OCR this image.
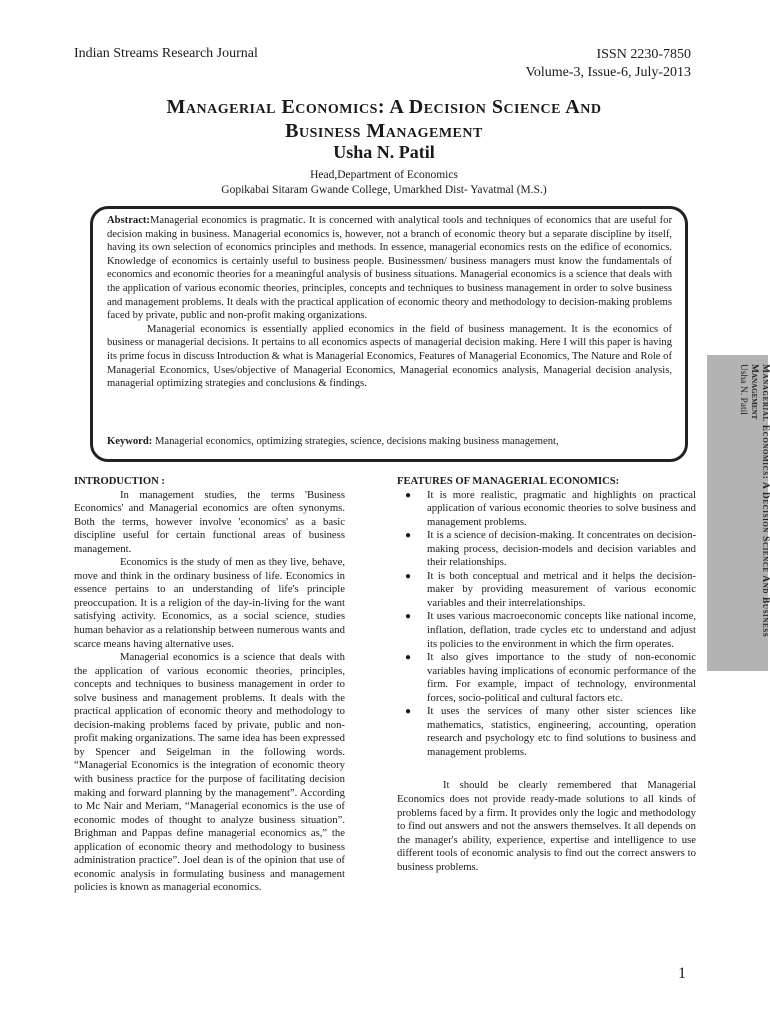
Indian Streams Research Journal	ISSN 2230-7850
Volume-3, Issue-6, July-2013
Managerial Economics: A Decision Science And
Business Management
Usha N. Patil
Head,Department of Economics
Gopikabai Sitaram Gwande College, Umarkhed Dist- Yavatmal (M.S.)

Abstract:Managerial economics is pragmatic. It is concerned with analytical tools and techniques of economics that are useful for decision making in business. Managerial economics is, however, not a branch of economic theory but a separate discipline by itself, having its own selection of economics principles and methods. In essence, managerial economics rests on the edifice of economics. Knowledge of economics is certainly useful to business people. Businessmen/ business managers must know the fundamentals of economics and economic theories for a meaningful analysis of business situations. Managerial economics is a science that deals with the application of various economic theories, principles, concepts and techniques to business management in order to solve business and management problems. It deals with the practical application of economic theory and methodology to decision-making problems faced by private, public and non-profit making organizations.

Managerial economics is essentially applied economics in the field of business management. It is the economics of business or managerial decisions. It pertains to all economics aspects of managerial decision making. Here I will this paper is having its prime focus in discuss Introduction & what is Managerial Economics, Features of Managerial Economics, The Nature and Role of Managerial Economics, Uses/objective of Managerial Economics, Managerial economics analysis, Managerial decision analysis, managerial optimizing strategies and conclusions & findings.

Keyword: Managerial economics, optimizing strategies, science, decisions making business management,	Managerial Economics: A Decision Science And Business
Management
Usha N. Patil

INTRODUCTION :

In management studies, the terms 'Business Economics' and Managerial economics are often synonyms. Both the terms, however involve 'economics' as a basic discipline useful for certain functional areas of business management.

Economics is the study of men as they live, behave, move and think in the ordinary business of life. Economics in essence pertains to an understanding of life's principle preoccupation. It is a religion of the day-in-living for the want satisfying activity. Economics, as a social science, studies human behavior as a relationship between numerous wants and scarce means having alternative uses.

Managerial economics is a science that deals with the application of various economic theories, principles, concepts and techniques to business management in order to solve business and management problems. It deals with the practical application of economic theory and methodology to decision-making problems faced by private, public and non-profit making organizations. The same idea has been expressed by Spencer and Seigelman in the following words. “Managerial Economics is the integration of economic theory with business practice for the purpose of facilitating decision making and forward planning by the management”. According to Mc Nair and Meriam, “Managerial economics is the use of economic modes of thought to analyze business situation”. Brighman and Pappas define managerial economics as,” the application of economic theory and methodology to business administration practice”. Joel dean is of the opinion that use of economic analysis in formulating business and management policies is known as managerial economics.

FEATURES OF MANAGERIAL ECONOMICS:

● It is more realistic, pragmatic and highlights on practical application of various economic theories to solve business and management problems.
● It is a science of decision-making. It concentrates on decision-making process, decision-models and decision variables and their relationships.
● It is both conceptual and metrical and it helps the decision-maker by providing measurement of various economic variables and their interrelationships.
● It uses various macroeconomic concepts like national income, inflation, deflation, trade cycles etc to understand and adjust its policies to the environment in which the firm operates.
● It also gives importance to the study of non-economic variables having implications of economic performance of the firm. For example, impact of technology, environmental forces, socio-political and cultural factors etc.
● It uses the services of many other sister sciences like mathematics, statistics, engineering, accounting, operation research and psychology etc to find solutions to business and management problems.

It should be clearly remembered that Managerial Economics does not provide ready-made solutions to all kinds of problems faced by a firm. It provides only the logic and methodology to find out answers and not the answers themselves. It all depends on the manager's ability, experience, expertise and intelligence to use different tools of economic analysis to find out the correct answers to business problems.

1
